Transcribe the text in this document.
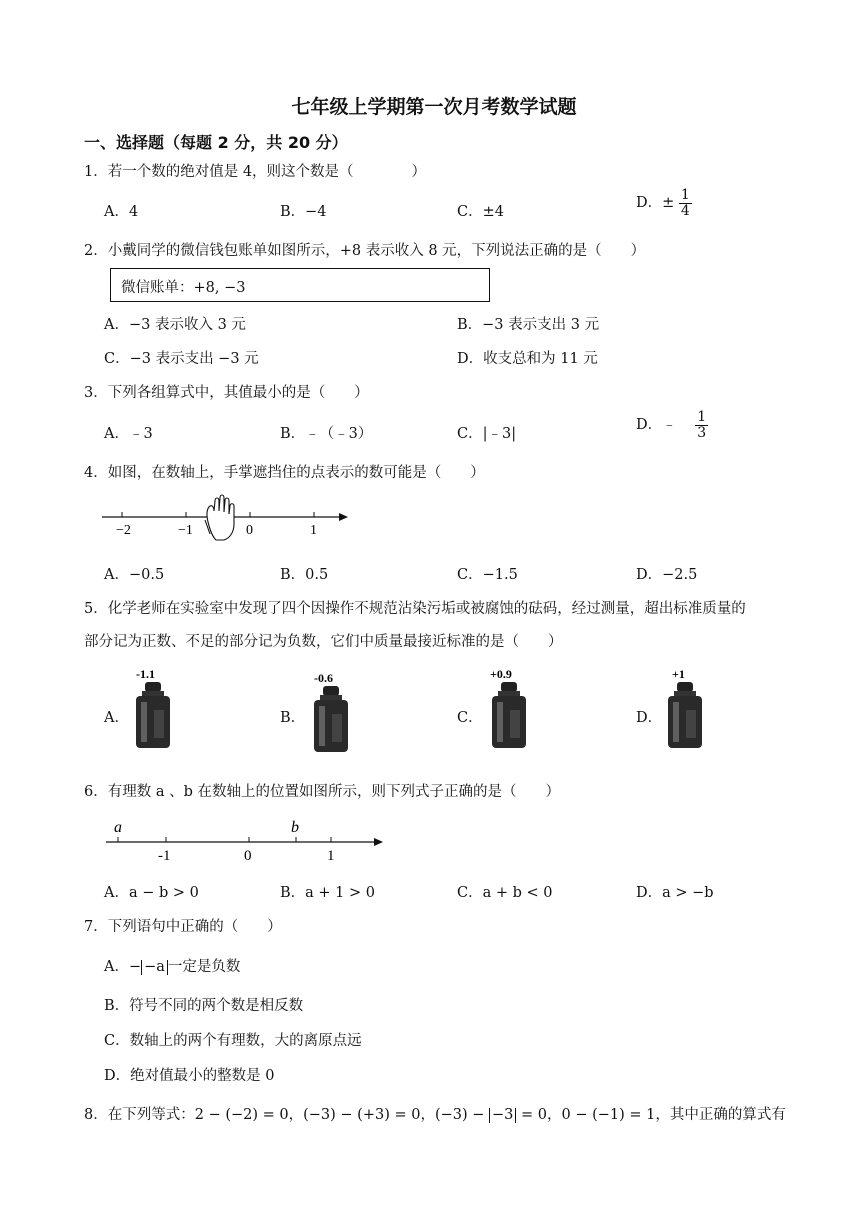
七年级上学期第一次月考数学试题
一、选择题（每题 2 分，共 20 分）
1．若一个数的绝对值是 4，则这个数是（　　　　）
A．4	B．−4	C．±4
D．± $\frac{1}{4}$
2．小戴同学的微信钱包账单如图所示，+8 表示收入 8 元，下列说法正确的是（　　）
微信账单：+8, −3
A．−3 表示收入 3 元	B．−3 表示支出 3 元
C．−3 表示支出 −3 元	D．收支总和为 11 元
3．下列各组算式中，其值最小的是（　　）
A．﹣3	B．﹣（﹣3）	C．|﹣3|
D．﹣ $\frac{1}{3}$
4．如图，在数轴上，手掌遮挡住的点表示的数可能是（　　）
−2	−1	0	1
A．−0.5	B．0.5	C．−1.5	D．−2.5
5．化学老师在实验室中发现了四个因操作不规范沾染污垢或被腐蚀的砝码，经过测量，超出标准质量的
部分记为正数、不足的部分记为负数，它们中质量最接近标准的是（　　）
A．	B．	C．	D．
-1.1	-0.6	+0.9	+1
6．有理数 a 、b 在数轴上的位置如图所示，则下列式子正确的是（　　）
a	b
-1	0	1
A．a − b > 0	B．a + 1 > 0	C．a + b < 0	D．a > −b
7．下列语句中正确的（　　）
A．− −a 一定是负数
B．符号不同的两个数是相反数
C．数轴上的两个有理数，大的离原点远
D．绝对值最小的整数是 0
8．在下列等式：2 − (−2) = 0，(−3) − (+3) = 0，(−3) − −3 = 0，0 − (−1) = 1，其中正确的算式有
